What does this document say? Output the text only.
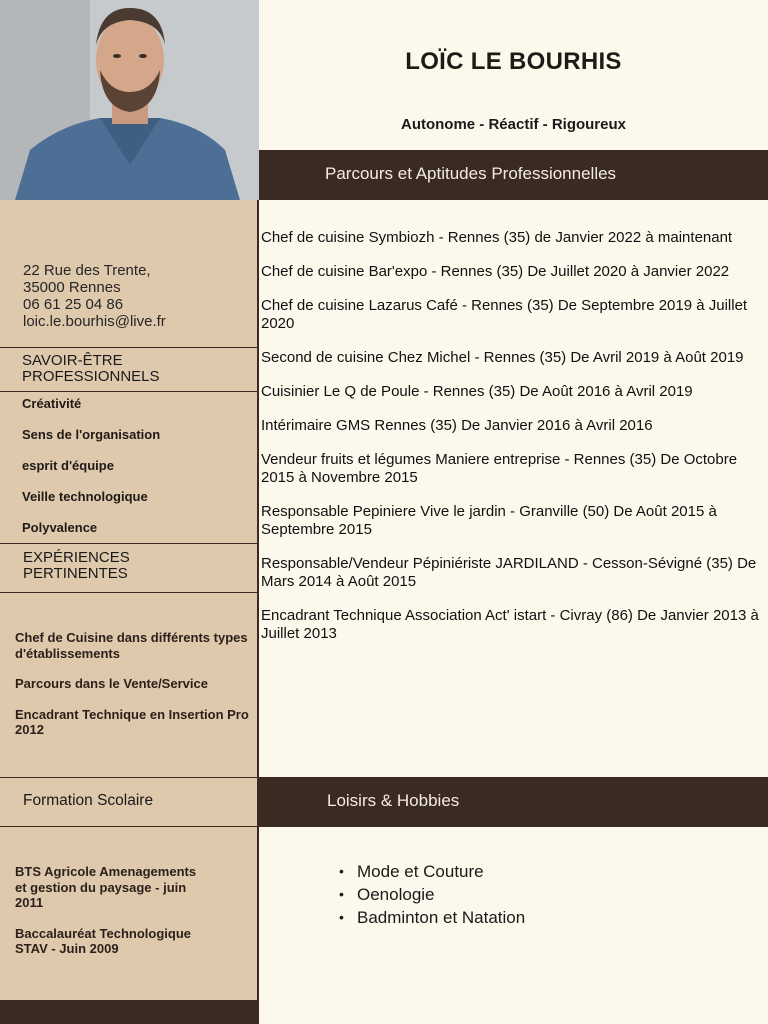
22 Rue des Trente,
35000 Rennes
06 61 25 04 86
loic.le.bourhis@live.fr
SAVOIR-ÊTRE
PROFESSIONNELS
Créativité
Sens de l'organisation
esprit d'équipe
Veille technologique
Polyvalence
EXPÉRIENCES
PERTINENTES
Chef de Cuisine dans différents types d'établissements
Parcours dans le Vente/Service
Encadrant Technique en Insertion Pro 2012
Formation Scolaire
BTS Agricole Amenagements et gestion du paysage - juin 2011
Baccalauréat Technologique STAV - Juin 2009
LOÏC LE BOURHIS
Autonome - Réactif - Rigoureux
Parcours et Aptitudes Professionnelles
Chef de cuisine Symbiozh - Rennes (35) de Janvier 2022 à maintenant
Chef de cuisine Bar'expo - Rennes (35) De Juillet 2020 à Janvier 2022
Chef de cuisine Lazarus Café - Rennes (35) De Septembre 2019 à Juillet 2020
Second de cuisine Chez Michel - Rennes (35) De Avril 2019 à Août 2019
Cuisinier Le Q de Poule - Rennes (35) De Août 2016 à Avril 2019
Intérimaire GMS Rennes (35) De Janvier 2016 à Avril 2016
Vendeur fruits et légumes Maniere entreprise - Rennes (35) De Octobre 2015 à Novembre 2015
Responsable Pepiniere Vive le jardin - Granville (50) De Août 2015 à Septembre 2015
Responsable/Vendeur Pépiniériste JARDILAND - Cesson-Sévigné (35) De Mars 2014 à Août 2015
Encadrant Technique Association Act' istart - Civray (86) De Janvier 2013 à Juillet 2013
Loisirs & Hobbies
• Mode et Couture
• Oenologie
• Badminton et Natation
